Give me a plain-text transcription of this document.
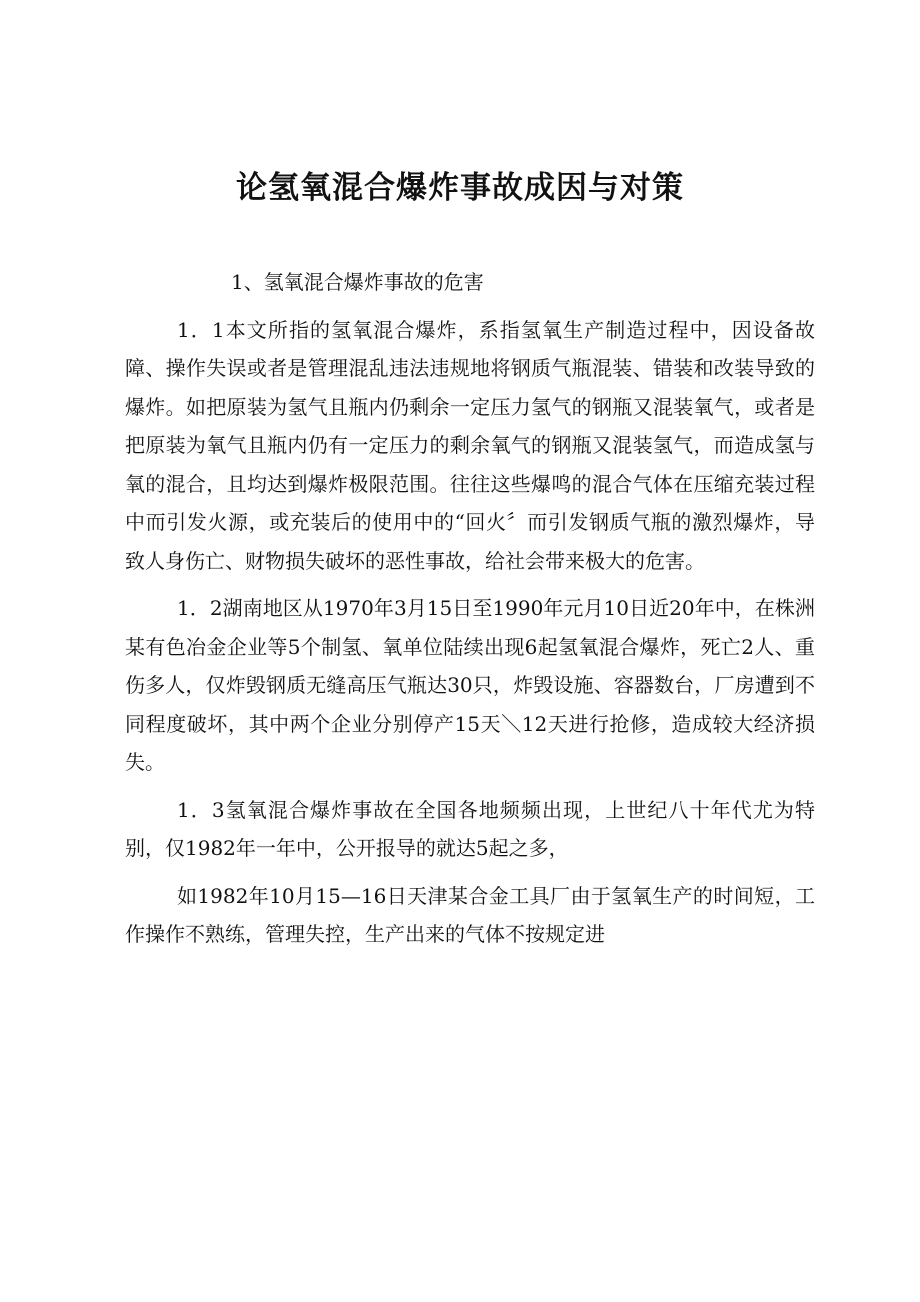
论氢氧混合爆炸事故成因与对策

1、氢氧混合爆炸事故的危害

1．1本文所指的氢氧混合爆炸，系指氢氧生产制造过程中，因设备故障、操作失误或者是管理混乱违法违规地将钢质气瓶混装、错装和改装导致的爆炸。如把原装为氢气且瓶内仍剩余一定压力氢气的钢瓶又混装氧气，或者是把原装为氧气且瓶内仍有一定压力的剩余氧气的钢瓶又混装氢气，而造成氢与氧的混合，且均达到爆炸极限范围。往往这些爆鸣的混合气体在压缩充装过程中而引发火源，或充装后的使用中的“回火〞而引发钢质气瓶的激烈爆炸，导致人身伤亡、财物损失破坏的恶性事故，给社会带来极大的危害。

1．2湖南地区从1970年3月15日至1990年元月10日近20年中，在株洲某有色冶金企业等5个制氢、氧单位陆续出现6起氢氧混合爆炸，死亡2人、重伤多人，仅炸毁钢质无缝高压气瓶达30只，炸毁设施、容器数台，厂房遭到不同程度破坏，其中两个企业分别停产15天＼12天进行抢修，造成较大经济损失。

1．3氢氧混合爆炸事故在全国各地频频出现，上世纪八十年代尤为特别，仅1982年一年中，公开报导的就达5起之多，

如1982年10月15—16日天津某合金工具厂由于氢氧生产的时间短，工作操作不熟练，管理失控，生产出来的气体不按规定进
